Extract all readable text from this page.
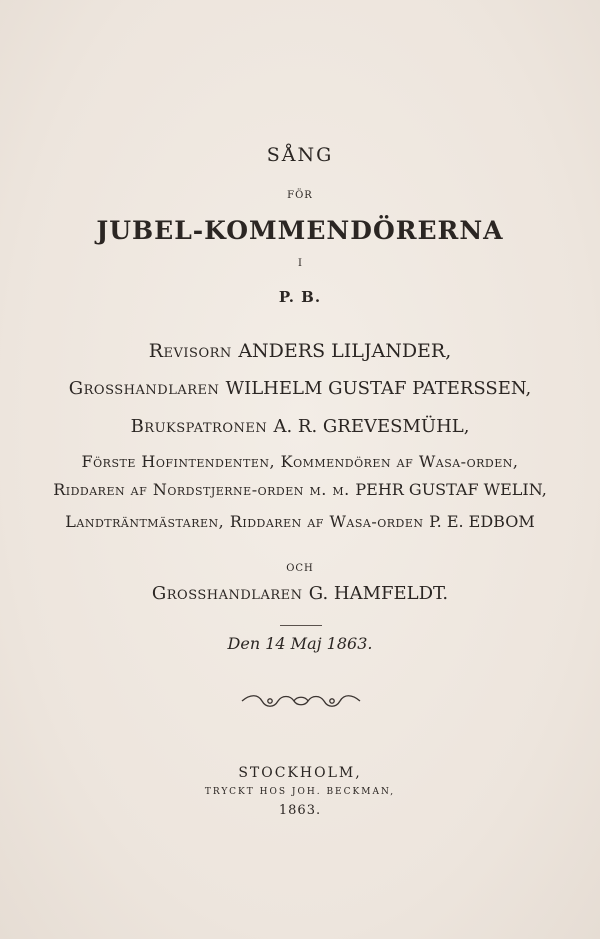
SÅNG
FÖR
JUBEL-KOMMENDÖRERNA
I
P. B.
Revisorn ANDERS LILJANDER,
Grosshandlaren WILHELM GUSTAF PATERSSEN,
Brukspatronen A. R. GREVESMÜHL,
Förste Hofintendenten, Kommendören af Wasa-orden,
Riddaren af Nordstjerne-orden m. m. PEHR GUSTAF WELIN,
Landträntmästaren, Riddaren af Wasa-orden P. E. EDBOM
OCH
Grosshandlaren G. HAMFELDT.
Den 14 Maj 1863.
STOCKHOLM,
TRYCKT HOS JOH. BECKMAN,
1863.
